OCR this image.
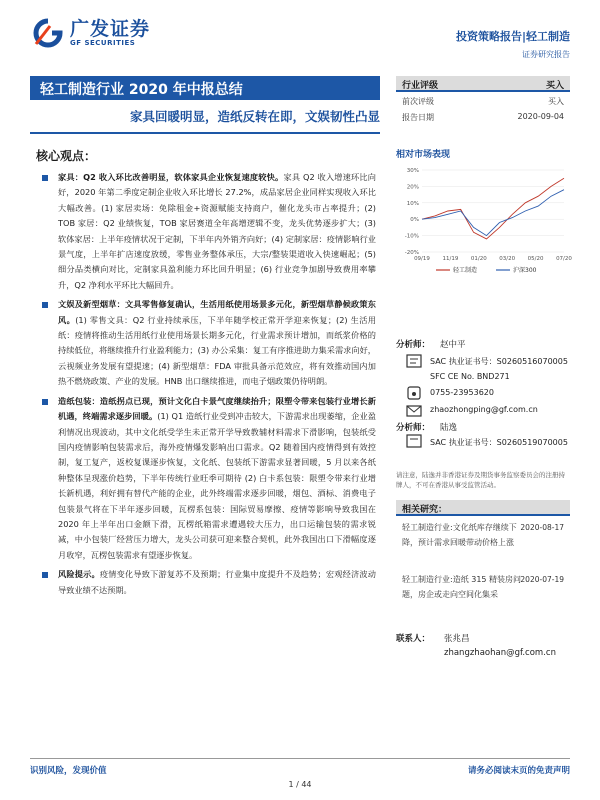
广发证券
GF SECURITIES	投资策略报告|轻工制造
证券研究报告
轻工制造行业 2020 年中报总结
家具回暖明显，造纸反转在即，文娱韧性凸显
核心观点：
家具：Q2 收入环比改善明显，软体家具企业恢复速度较快。家具 Q2 收入增速环比向好，2020 年第二季度定制企业收入环比增长 27.2%，成品家居企业同样实现收入环比大幅改善。(1) 家居卖场：免除租金+资源赋能支持商户，催化龙头市占率提升；(2) TOB 家居：Q2 业绩恢复，TOB 家居赛道全年高增逻辑不变，龙头优势逐步扩大；(3) 软体家居：上半年疫情状况于定制，下半年内外销齐向好；(4) 定制家居：疫情影响行业景气度，上半年扩店速度放缓，零售业务整体承压，大宗/整装渠道收入快速崛起；(5) 细分品类横向对比，定制家具盈利能力环比回升明显；(6) 行业竞争加剧导致费用率攀升，Q2 净利水平环比大幅回升。
文娱及新型烟草：文具零售修复确认，生活用纸使用场景多元化，新型烟草静候政策东风。(1) 零售文具：Q2 行业持续承压，下半年随学校正常开学迎来恢复；(2) 生活用纸：疫情将推动生活用纸行业使用场景长期多元化，行业需求预计增加，而纸浆价格的持续低位，将继续推升行业盈利能力；(3) 办公采集：复工有序推进助力集采需求向好，云视频业务发展有望提速；(4) 新型烟草：FDA 审批具备示范效应，将有效推动国内加热不燃烧政策、产业的发展。HNB 出口继续推进，而电子烟政策仍待明朗。
造纸包装：造纸拐点已现，预计文化白卡景气度继续抬升；限塑令带来包装行业增长新机遇，终端需求逐步回暖。(1) Q1 造纸行业受到冲击较大，下游需求出现萎缩，企业盈利情况出现波动，其中文化纸受学生未正常开学导致教辅材料需求下滑影响，包装纸受国内疫情影响包装需求后，海外疫情爆发影响出口需求。Q2 随着国内疫情得到有效控制，复工复产，返校复课逐步恢复，文化纸、包装纸下游需求显著回暖，5 月以来各纸种整体呈现涨价趋势，下半年传统行业旺季可期待 (2) 白卡系包装：限塑令带来行业增长新机遇，利好拥有替代产能的企业，此外终端需求逐步回暖，烟包、酒标、消费电子包装景气将在下半年逐步回暖，瓦楞系包装：国际贸易摩擦、疫情等影响导致我国在 2020 年上半年出口金额下滑，瓦楞纸箱需求遭遇较大压力，出口运输包装的需求锐减，中小包装厂经营压力增大，龙头公司获可迎来整合契机，此外我国出口下滑幅度逐月收窄，瓦楞包装需求有望逐步恢复。
风险提示。疫情变化导致下游复苏不及预期；行业集中度提升不及趋势；宏观经济波动导致业绩不达预期。
行业评级	买入
前次评级	买入
报告日期	2020-09-04
相对市场表现
30%
20%
10%
0%
-10%
-20%
09/19 11/19 01/20 03/20 05/20 07/20
轻工制造	沪深300
分析师： 赵中平
SAC 执业证书号：S0260516070005
SFC CE No. BND271
0755-23953620
zhaozhongping@gf.com.cn
分析师： 陆逸
SAC 执业证书号：S0260519070005
请注意，陆逸并非香港证券及期货事务监察委员会的注册持牌人，不可在香港从事受监管活动。
相关研究：
轻工制造行业:文化纸库存继续下降，预计需求回暖带动价格上涨
2020-08-17
轻工制造行业:造纸 315 精装房问题，房企或走向空间化集采
2020-07-19
联系人： 张兆昌
zhangzhaohan@gf.com.cn
识别风险，发现价值	请务必阅读末页的免责声明
1 / 44
